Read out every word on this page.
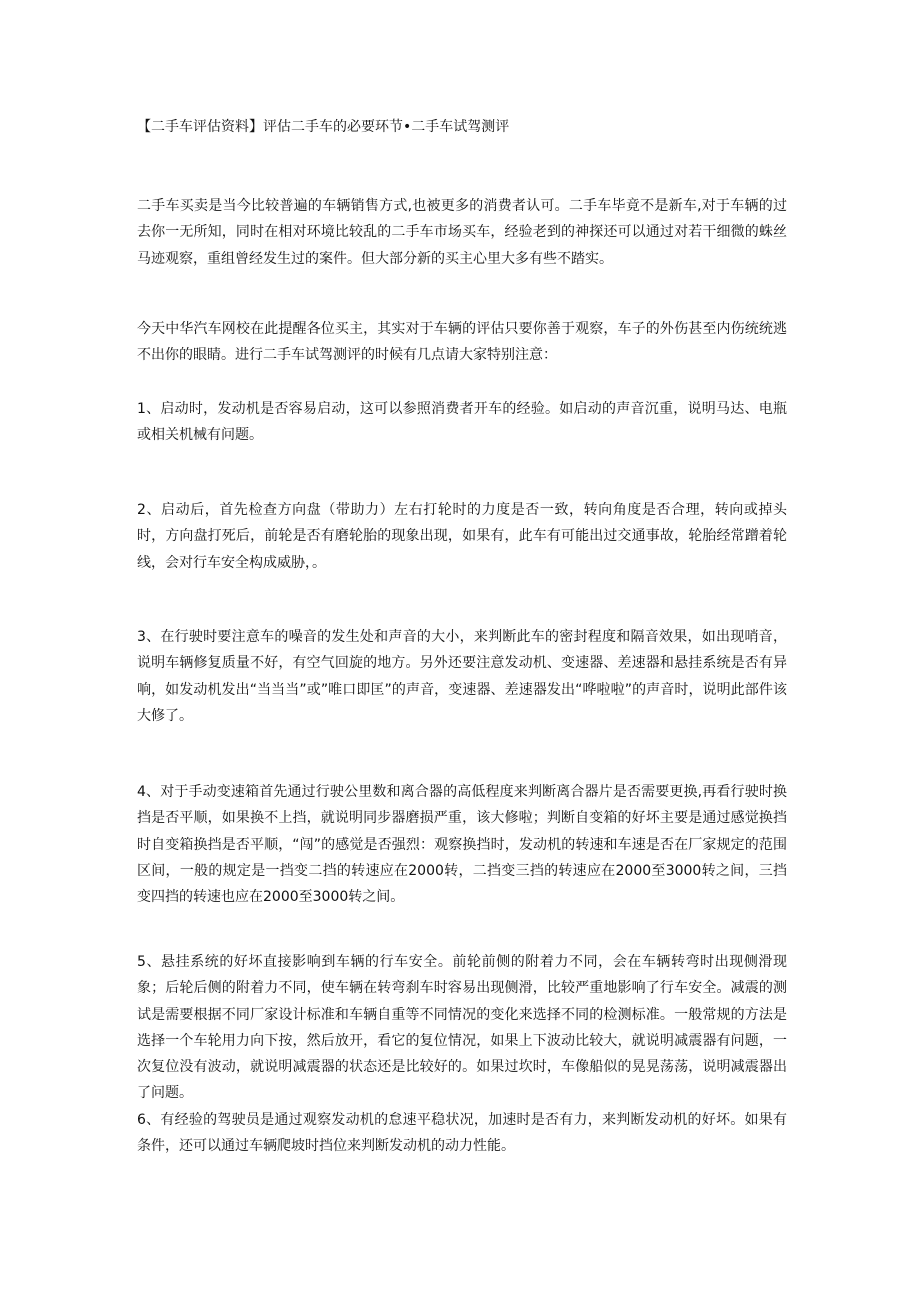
【二手车评估资料】评估二手车的必要环节•二手车试驾测评
二手车买卖是当今比较普遍的车辆销售方式,也被更多的消费者认可。二手车毕竟不是新车,对于车辆的过去你一无所知，同时在相对环境比较乱的二手车市场买车，经验老到的神探还可以通过对若干细微的蛛丝马迹观察，重组曾经发生过的案件。但大部分新的买主心里大多有些不踏实。
今天中华汽车网校在此提醒各位买主，其实对于车辆的评估只要你善于观察，车子的外伤甚至内伤统统逃不出你的眼睛。进行二手车试驾测评的时候有几点请大家特别注意：
1、启动时，发动机是否容易启动，这可以参照消费者开车的经验。如启动的声音沉重，说明马达、电瓶或相关机械有问题。
2、启动后，首先检查方向盘（带助力）左右打轮时的力度是否一致，转向角度是否合理，转向或掉头时，方向盘打死后，前轮是否有磨轮胎的现象出现，如果有，此车有可能出过交通事故，轮胎经常蹭着轮线，会对行车安全构成威胁，。
3、在行驶时要注意车的噪音的发生处和声音的大小，来判断此车的密封程度和隔音效果，如出现哨音，说明车辆修复质量不好，有空气回旋的地方。另外还要注意发动机、变速器、差速器和悬挂系统是否有异响，如发动机发出“当当当”或”唯口即匡”的声音，变速器、差速器发出“哗啦啦”的声音时，说明此部件该大修了。
4、对于手动变速箱首先通过行驶公里数和离合器的高低程度来判断离合器片是否需要更换,再看行驶时换挡是否平顺，如果换不上挡，就说明同步器磨损严重，该大修啦；判断自变箱的好坏主要是通过感觉换挡时自变箱换挡是否平顺，“闯”的感觉是否强烈：观察换挡时，发动机的转速和车速是否在厂家规定的范围区间，一般的规定是一挡变二挡的转速应在2000转，二挡变三挡的转速应在2000至3000转之间，三挡变四挡的转速也应在2000至3000转之间。
5、悬挂系统的好坏直接影响到车辆的行车安全。前轮前侧的附着力不同，会在车辆转弯时出现侧滑现象；后轮后侧的附着力不同，使车辆在转弯刹车时容易出现侧滑，比较严重地影响了行车安全。减震的测试是需要根据不同厂家设计标准和车辆自重等不同情况的变化来选择不同的检测标准。一般常规的方法是选择一个车轮用力向下按，然后放开，看它的复位情况，如果上下波动比较大，就说明减震器有问题，一次复位没有波动，就说明减震器的状态还是比较好的。如果过坎时，车像船似的晃晃荡荡，说明减震器出了问题。
6、有经验的驾驶员是通过观察发动机的怠速平稳状况，加速时是否有力，来判断发动机的好坏。如果有条件，还可以通过车辆爬坡时挡位来判断发动机的动力性能。
